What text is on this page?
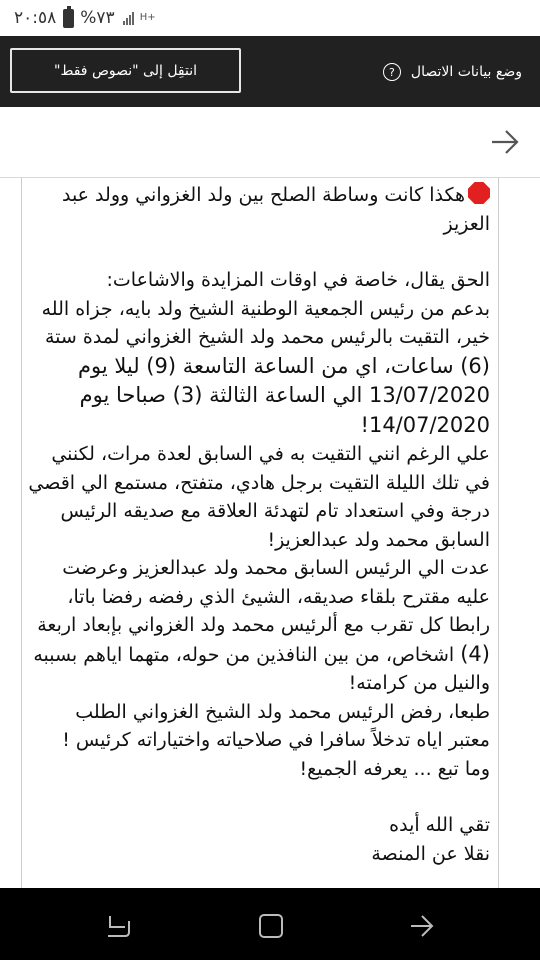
٢٠:٥٨ %٧٣	H+
انتقِل إلى "نصوص فقط"	وضع بيانات الاتصال
?
هكذا كانت وساطة الصلح بين ولد الغزواني وولد عبد العزيز
الحق يقال، خاصة في اوقات المزايدة والاشاعات:
بدعم من رئيس الجمعية الوطنية الشيخ ولد بايه، جزاه الله خير، التقيت بالرئيس محمد ولد الشيخ الغزواني لمدة ستة (6) ساعات، اي من الساعة التاسعة (9) ليلا يوم 13/07/2020 الي الساعة الثالثة (3) صباحا يوم 14/07/2020!
علي الرغم انني التقيت به في السابق لعدة مرات، لكنني في تلك الليلة التقيت برجل هادي، متفتح، مستمع الي اقصي درجة وفي استعداد تام لتهدئة العلاقة مع صديقه الرئيس السابق محمد ولد عبدالعزيز!
عدت الي الرئيس السابق محمد ولد عبدالعزيز وعرضت عليه مقترح بلقاء صديقه، الشيئ الذي رفضه رفضا باتا، رابطا كل تقرب مع ألرئيس محمد ولد الغزواني بإبعاد اربعة (4) اشخاص، من بين النافذين من حوله، متهما اياهم بسببه والنيل من كرامته!
طبعا، رفض الرئيس محمد ولد الشيخ الغزواني الطلب معتبر اياه تدخلاً سافرا في صلاحياته واختياراته كرئيس !
وما تبع ... يعرفه الجميع!
تقي الله أيده
نقلا عن المنصة
